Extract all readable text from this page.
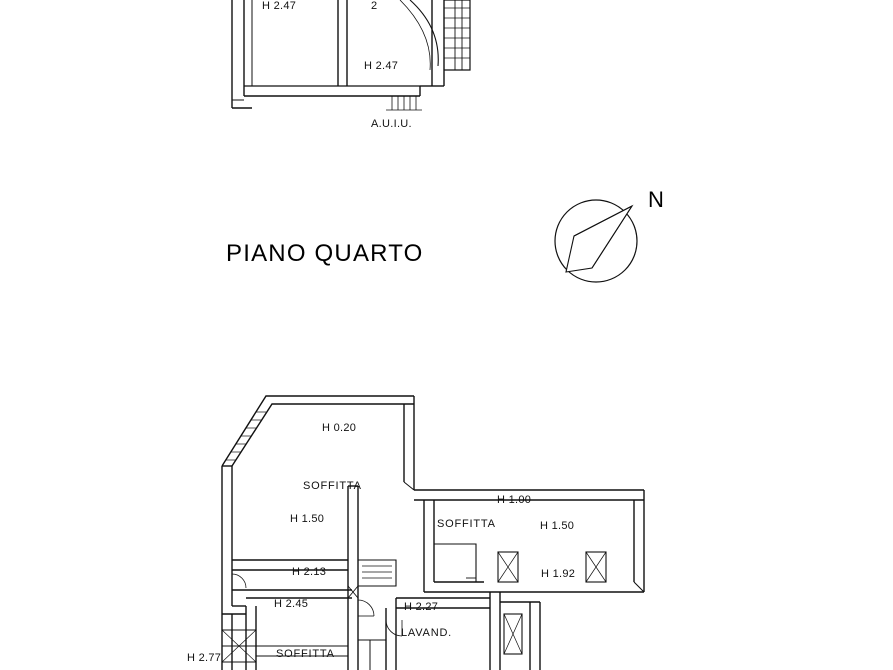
PIANO QUARTO
N
H 2.47
H 2.47
A.U.I.U.
2
H 0.20
SOFFITTA
H 1.50
H 1.00
SOFFITTA	H 1.50
H 2.13	H 1.92
H 2.45	H 2.27
LAVAND.
H 2.77	SOFFITTA
